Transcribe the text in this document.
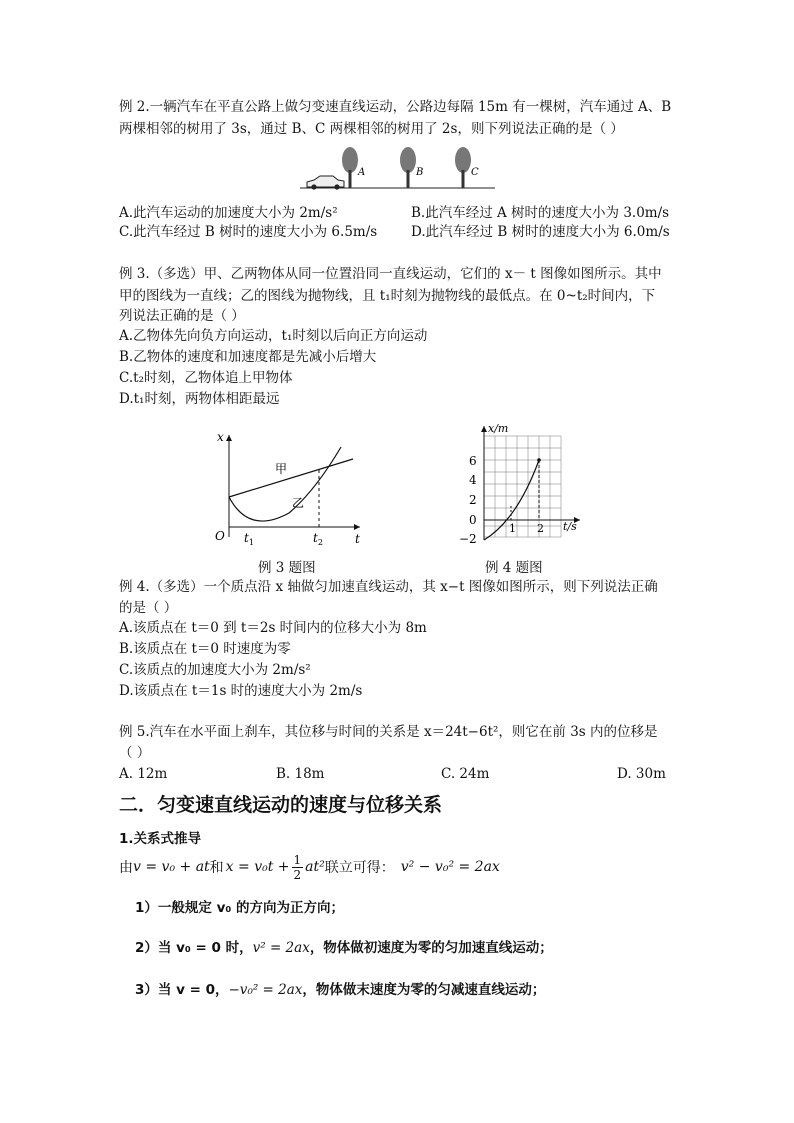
例 2.一辆汽车在平直公路上做匀变速直线运动，公路边每隔 15m 有一棵树，汽车通过 A、B

两棵相邻的树用了 3s，通过 B、C 两棵相邻的树用了 2s，则下列说法正确的是（ ）

A	B	C

A.此汽车运动的加速度大小为 2m/s²	B.此汽车经过 A 树时的速度大小为 3.0m/s

C.此汽车经过 B 树时的速度大小为 6.5m/s	D.此汽车经过 B 树时的速度大小为 6.0m/s

例 3.（多选）甲、乙两物体从同一位置沿同一直线运动，它们的 x－ t 图像如图所示。其中

甲的图线为一直线；乙的图线为抛物线，且 t₁时刻为抛物线的最低点。在 0~t₂时间内，下

列说法正确的是（ ）

A.乙物体先向负方向运动，t₁时刻以后向正方向运动

B.乙物体的速度和加速度都是先减小后增大

C.t₂时刻，乙物体追上甲物体

D.t₁时刻，两物体相距最远

x
t
O
甲
乙
$t_1$	$t_2$

例 3 题图

x/m
t/s
6
4
2
0
−2
1 2

例 4 题图

例 4.（多选）一个质点沿 x 轴做匀加速直线运动，其 x−t 图像如图所示，则下列说法正确

的是（ ）

A.该质点在 t＝0 到 t＝2s 时间内的位移大小为 8m

B.该质点在 t＝0 时速度为零

C.该质点的加速度大小为 2m/s²

D.该质点在 t＝1s 时的速度大小为 2m/s

例 5.汽车在水平面上刹车，其位移与时间的关系是 x＝24t−6t²，则它在前 3s 内的位移是

（ ）

A. 12m	B. 18m	C. 24m	D. 30m

二．匀变速直线运动的速度与位移关系

1.关系式推导

由 v = v₀ + at 和 $x = v_0t + \frac{1}{2} at^2$ 联立可得： v² − v₀² = 2ax

1）一般规定 v₀ 的方向为正方向；

2）当 v₀ = 0 时，v² = 2ax，物体做初速度为零的匀加速直线运动；
3）当 v = 0，−v₀² = 2ax，物体做末速度为零的匀减速直线运动；
